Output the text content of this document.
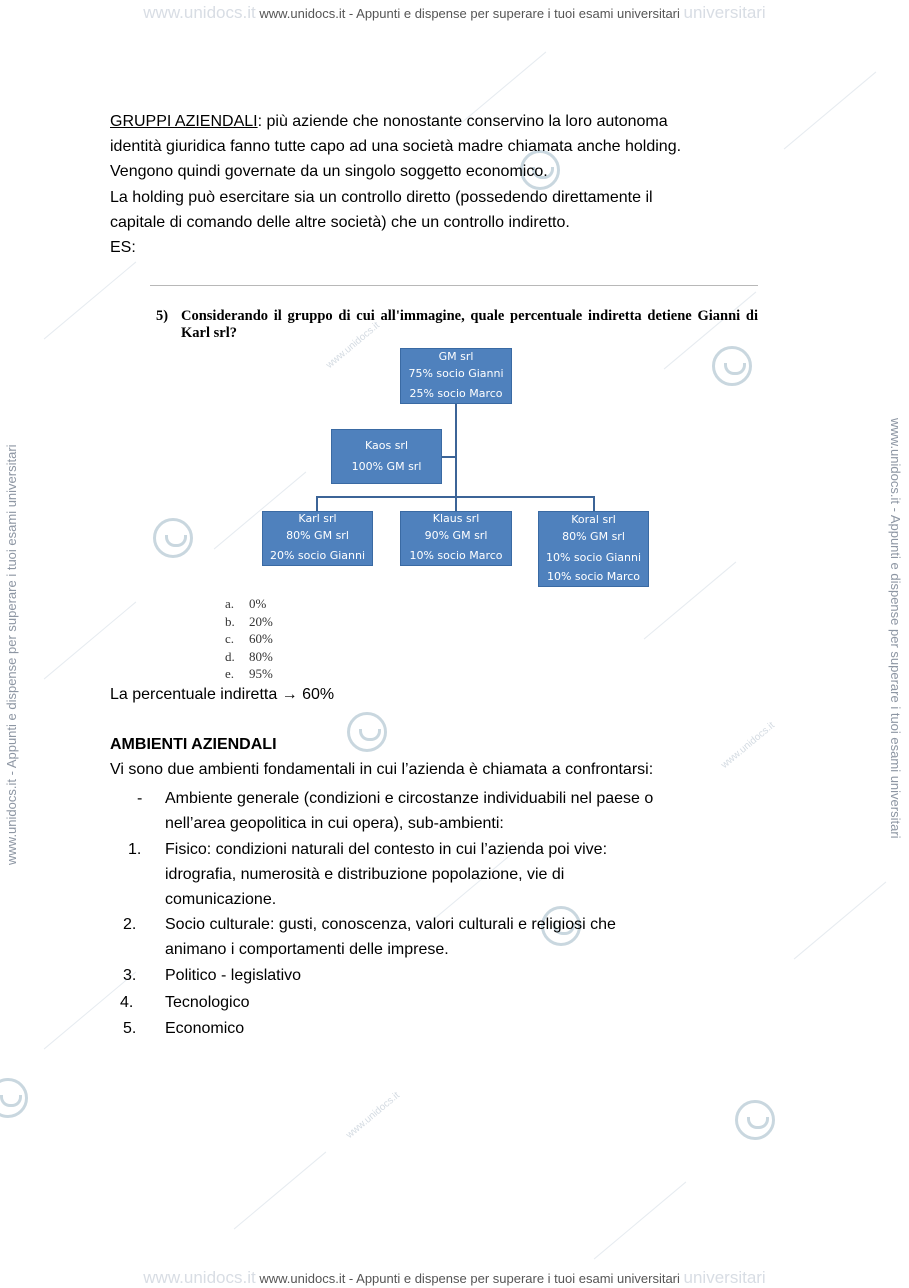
www.unidocs.it www.unidocs.it - Appunti e dispense per superare i tuoi esami universitari universitari
www.unidocs.it www.unidocs.it - Appunti e dispense per superare i tuoi esami universitari universitari
www.unidocs.it - Appunti e dispense per superare i tuoi esami universitari	www.unidocs.it - Appunti e dispense per superare i tuoi esami universitari
www.unidocs.it
www.unidocs.it
www.unidocs.it
GRUPPI AZIENDALI: più aziende che nonostante conservino la loro autonoma
identità giuridica fanno tutte capo ad una società madre chiamata anche holding.
Vengono quindi governate da un singolo soggetto economico.
La holding può esercitare sia un controllo diretto (possedendo direttamente il
capitale di comando delle altre società) che un controllo indiretto.
ES:
5) Considerando il gruppo di cui all'immagine, quale percentuale indiretta detiene Gianni di Karl srl?
GM srl
75% socio Gianni
25% socio Marco
Kaos srl
100% GM srl
Karl srl
80% GM srl
20% socio Gianni
Klaus srl
90% GM srl
10% socio Marco
Koral srl
80% GM srl
10% socio Gianni
10% socio Marco
a. 0%
b. 20%
c. 60%
d. 80%
e. 95%
La percentuale indiretta → 60%
AMBIENTI AZIENDALI
Vi sono due ambienti fondamentali in cui l’azienda è chiamata a confrontarsi:
- Ambiente generale (condizioni e circostanze individuabili nel paese o
nell’area geopolitica in cui opera), sub-ambienti:
1. Fisico: condizioni naturali del contesto in cui l’azienda poi vive:
idrografia, numerosità e distribuzione popolazione, vie di
comunicazione.
2. Socio culturale: gusti, conoscenza, valori culturali e religiosi che
animano i comportamenti delle imprese.
3. Politico - legislativo
4. Tecnologico
5. Economico
